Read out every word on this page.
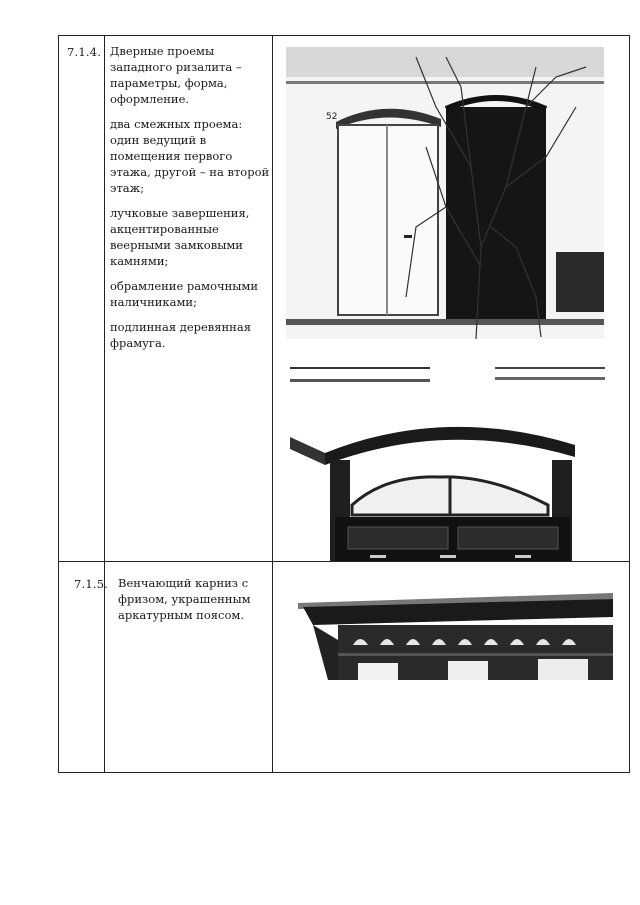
7.1.4. Дверные проемы западного ризалита – параметры, форма, оформление.

два смежных проема: один ведущий в помещения первого этажа, другой – на второй этаж;

лучковые завершения, акцентированные веерными замковыми камнями;

обрамление рамочными наличниками;

подлинная деревянная фрамуга.

52
7.1.5. Венчающий карниз с фризом, украшенным аркатурным поясом.
